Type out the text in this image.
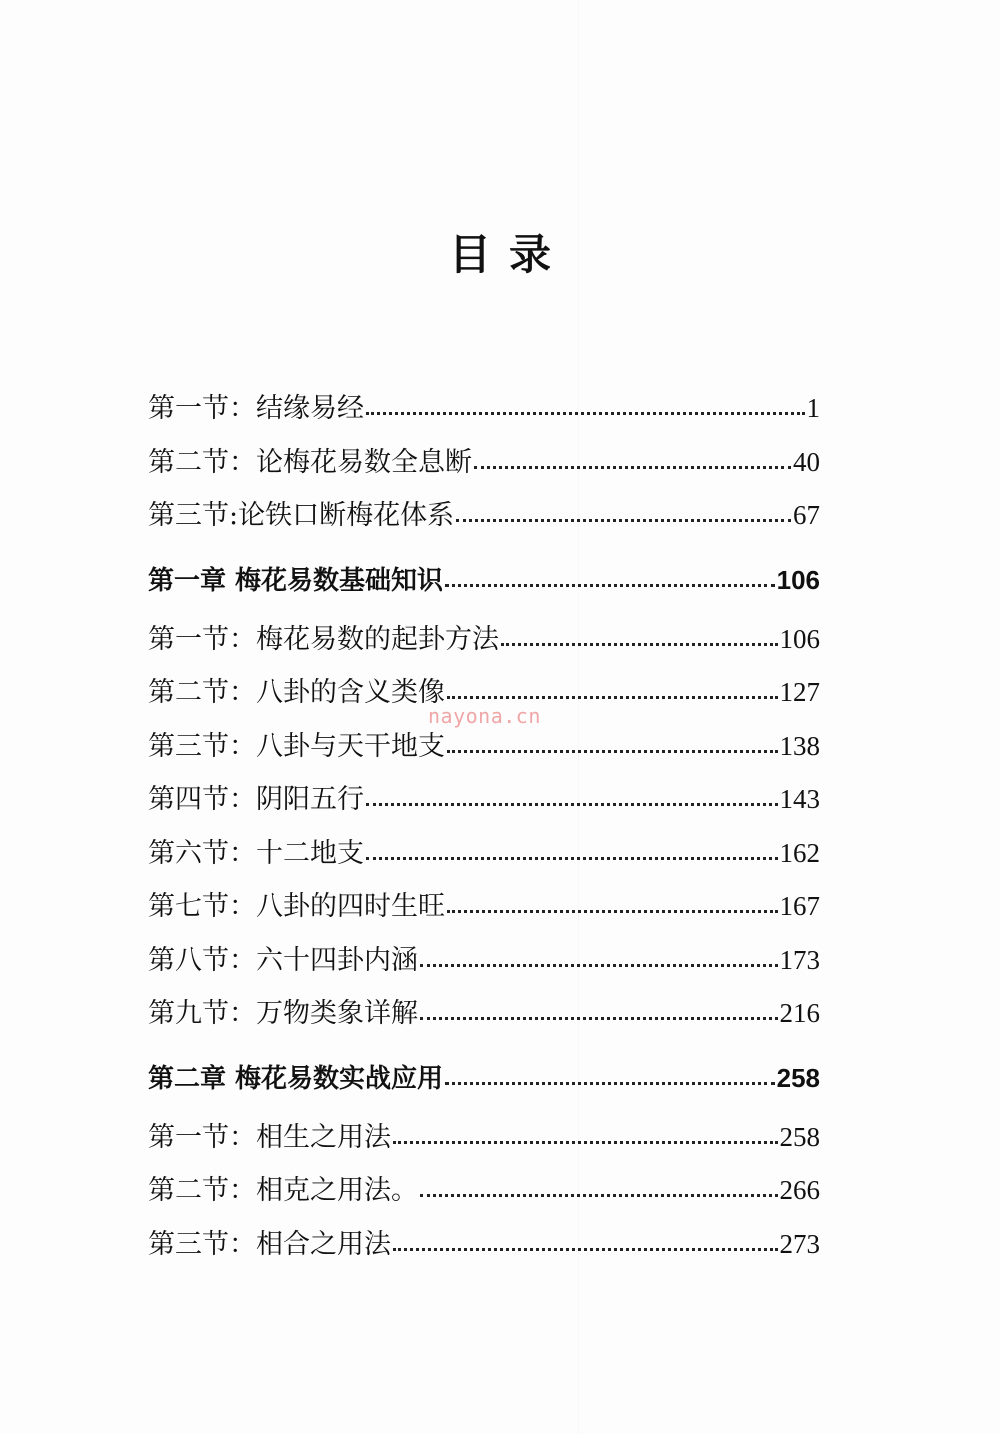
目录
第一节：结缘易经	1
第二节：论梅花易数全息断	40
第三节:论铁口断梅花体系	67
第一章 梅花易数基础知识	106
第一节：梅花易数的起卦方法	106
第二节：八卦的含义类像	127
第三节：八卦与天干地支	138
第四节：阴阳五行	143
第六节：十二地支	162
第七节：八卦的四时生旺	167
第八节：六十四卦内涵	173
第九节：万物类象详解	216
第二章 梅花易数实战应用	258
第一节：相生之用法	258
第二节：相克之用法。	266
第三节：相合之用法	273
nayona.cn
